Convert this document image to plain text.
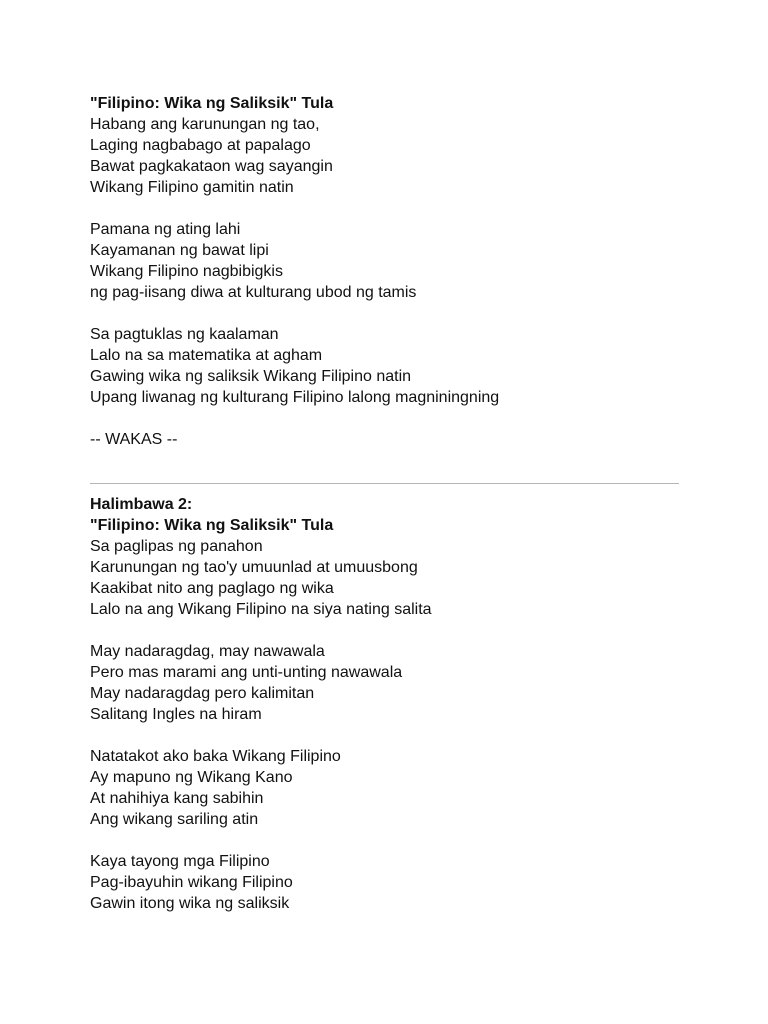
"Filipino: Wika ng Saliksik" Tula
Habang ang karunungan ng tao,
Laging nagbabago at papalago
Bawat pagkakataon wag sayangin
Wikang Filipino gamitin natin
Pamana ng ating lahi
Kayamanan ng bawat lipi
Wikang Filipino nagbibigkis
ng pag-iisang diwa at kulturang ubod ng tamis
Sa pagtuklas ng kaalaman
Lalo na sa matematika at agham
Gawing wika ng saliksik Wikang Filipino natin
Upang liwanag ng kulturang Filipino lalong magniningning
-- WAKAS --
Halimbawa 2:
"Filipino: Wika ng Saliksik" Tula
Sa paglipas ng panahon
Karunungan ng tao'y umuunlad at umuusbong
Kaakibat nito ang paglago ng wika
Lalo na ang Wikang Filipino na siya nating salita
May nadaragdag, may nawawala
Pero mas marami ang unti-unting nawawala
May nadaragdag pero kalimitan
Salitang Ingles na hiram
Natatakot ako baka Wikang Filipino
Ay mapuno ng Wikang Kano
At nahihiya kang sabihin
Ang wikang sariling atin
Kaya tayong mga Filipino
Pag-ibayuhin wikang Filipino
Gawin itong wika ng saliksik
